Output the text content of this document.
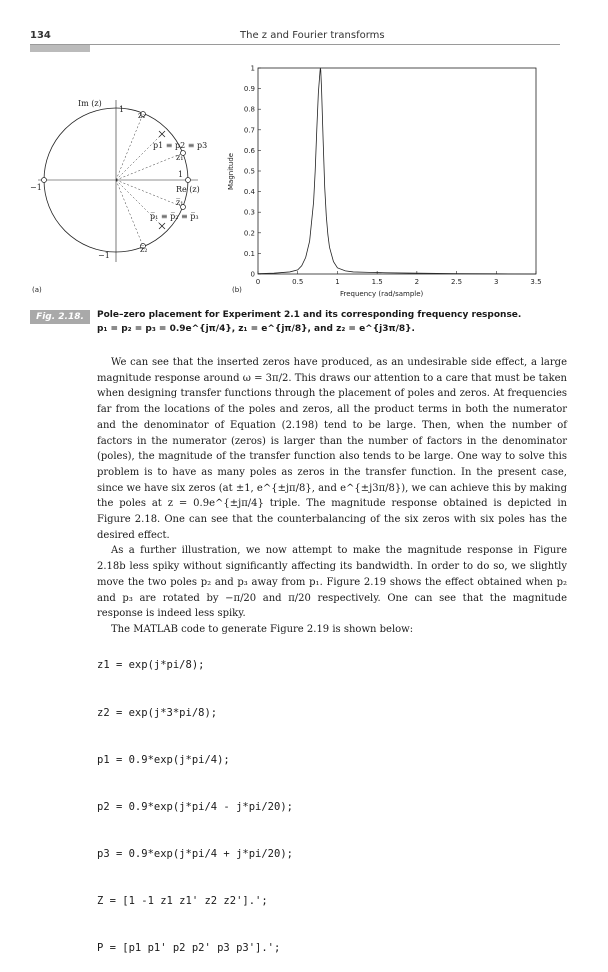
134	The z and Fourier transforms
Im (z)
1
Re (z)
1
−1
−1
z₂
p1 ≡ p2 ≡ p3
z₁
z̅₁
p̅₁ ≡ p̅₂ ≡ p̅₃
z̅₂
(a)
0
0.1
0.2
0.3
0.4
0.5
0.6
0.7
0.8
0.9
1
0	0.5	1	1.5	2	2.5	3	3.5
Magnitude
Frequency (rad/sample)
(b)
Fig. 2.18.	Pole–zero placement for Experiment 2.1 and its corresponding frequency response.
p₁ = p₂ = p₃ = 0.9e^{jπ/4}, z₁ = e^{jπ/8}, and z₂ = e^{j3π/8}.

We can see that the inserted zeros have produced, as an undesirable side effect, a large magnitude response around ω = 3π/2. This draws our attention to a care that must be taken when designing transfer functions through the placement of poles and zeros. At frequencies far from the locations of the poles and zeros, all the product terms in both the numerator and the denominator of Equation (2.198) tend to be large. Then, when the number of factors in the numerator (zeros) is larger than the number of factors in the denominator (poles), the magnitude of the transfer function also tends to be large. One way to solve this problem is to have as many poles as zeros in the transfer function. In the present case, since we have six zeros (at ±1, e^{±jπ/8}, and e^{±j3π/8}), we can achieve this by making the poles at z = 0.9e^{±jπ/4} triple. The magnitude response obtained is depicted in Figure 2.18. One can see that the counterbalancing of the six zeros with six poles has the desired effect.

As a further illustration, we now attempt to make the magnitude response in Figure 2.18b less spiky without significantly affecting its bandwidth. In order to do so, we slightly move the two poles p₂ and p₃ away from p₁. Figure 2.19 shows the effect obtained when p₂ and p₃ are rotated by −π/20 and π/20 respectively. One can see that the magnitude response is indeed less spiky.

The MATLAB code to generate Figure 2.19 is shown below:

z1 = exp(j*pi/8);

z2 = exp(j*3*pi/8);

p1 = 0.9*exp(j*pi/4);

p2 = 0.9*exp(j*pi/4 - j*pi/20);

p3 = 0.9*exp(j*pi/4 + j*pi/20);

Z = [1 -1 z1 z1' z2 z2'].';

P = [p1 p1' p2 p2' p3 p3'].';
